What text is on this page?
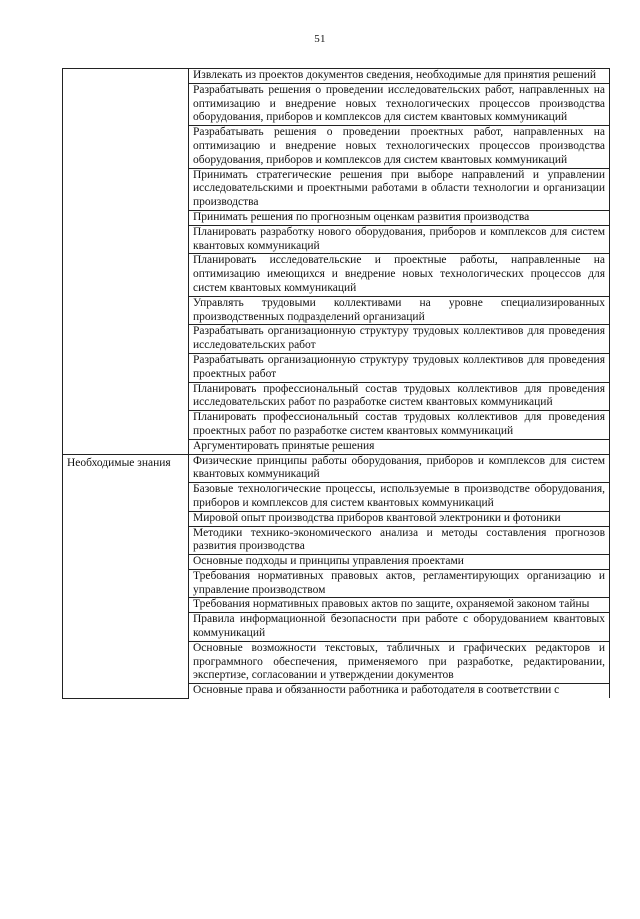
51
	Извлекать из проектов документов сведения, необходимые для принятия решений
	Разрабатывать решения о проведении исследовательских работ, направленных на оптимизацию и внедрение новых технологических процессов производства оборудования, приборов и комплексов для систем квантовых коммуникаций
	Разрабатывать решения о проведении проектных работ, направленных на оптимизацию и внедрение новых технологических процессов производства оборудования, приборов и комплексов для систем квантовых коммуникаций
	Принимать стратегические решения при выборе направлений и управлении исследовательскими и проектными работами в области технологии и организации производства
	Принимать решения по прогнозным оценкам развития производства
	Планировать разработку нового оборудования, приборов и комплексов для систем квантовых коммуникаций
	Планировать исследовательские и проектные работы, направленные на оптимизацию имеющихся и внедрение новых технологических процессов для систем квантовых коммуникаций
	Управлять трудовыми коллективами на уровне специализированных производственных подразделений организаций
	Разрабатывать организационную структуру трудовых коллективов для проведения исследовательских работ
	Разрабатывать организационную структуру трудовых коллективов для проведения проектных работ
	Планировать профессиональный состав трудовых коллективов для проведения исследовательских работ по разработке систем квантовых коммуникаций
	Планировать профессиональный состав трудовых коллективов для проведения проектных работ по разработке систем квантовых коммуникаций
	Аргументировать принятые решения
Необходимые знания	Физические принципы работы оборудования, приборов и комплексов для систем квантовых коммуникаций
	Базовые технологические процессы, используемые в производстве оборудования, приборов и комплексов для систем квантовых коммуникаций
	Мировой опыт производства приборов квантовой электроники и фотоники
	Методики технико-экономического анализа и методы составления прогнозов развития производства
	Основные подходы и принципы управления проектами
	Требования нормативных правовых актов, регламентирующих организацию и управление производством
	Требования нормативных правовых актов по защите, охраняемой законом тайны
	Правила информационной безопасности при работе с оборудованием квантовых коммуникаций
	Основные возможности текстовых, табличных и графических редакторов и программного обеспечения, применяемого при разработке, редактировании, экспертизе, согласовании и утверждении документов
	Основные права и обязанности работника и работодателя в соответствии с
